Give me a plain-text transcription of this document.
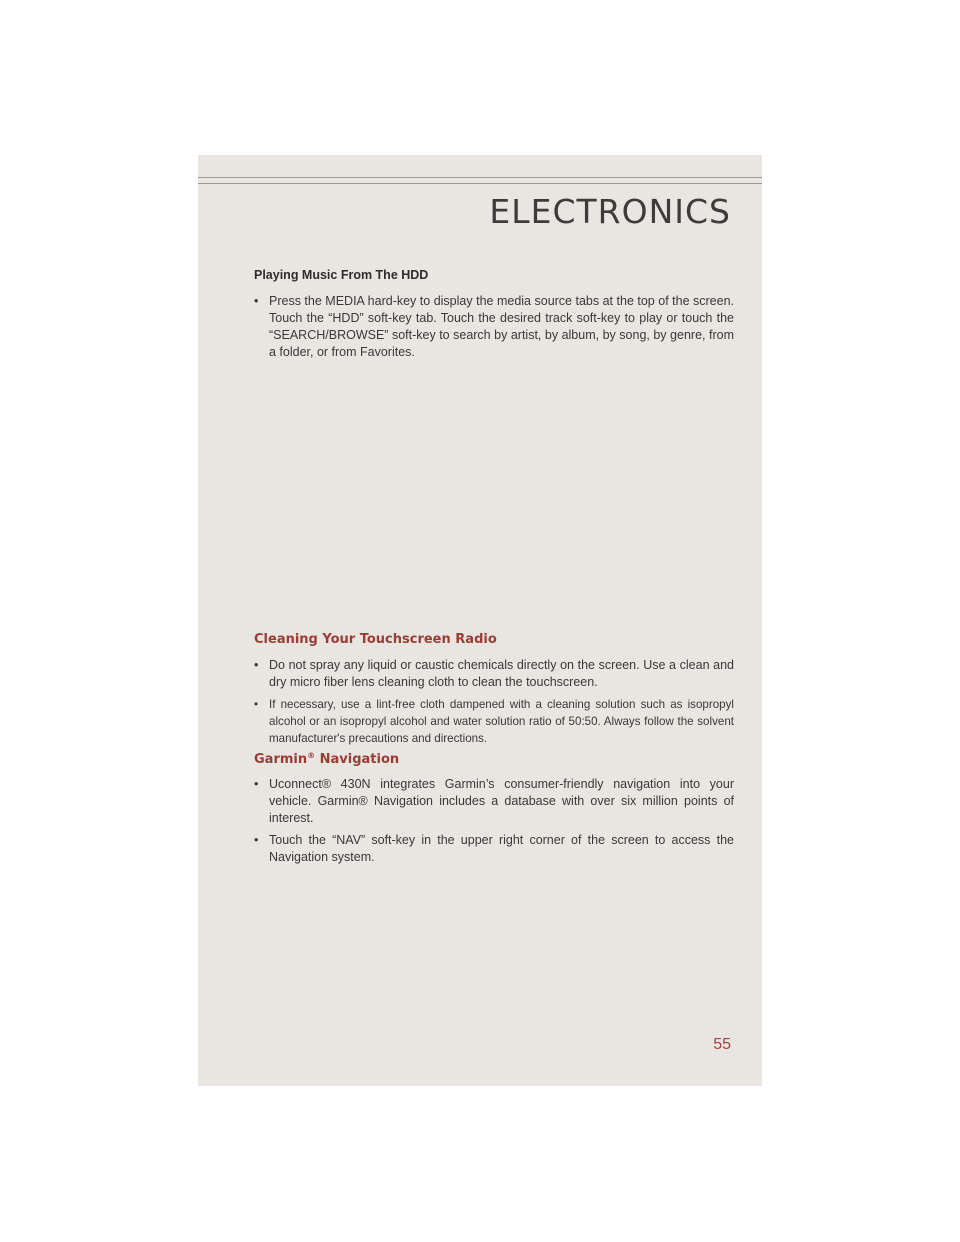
ELECTRONICS
Playing Music From The HDD
• Press the MEDIA hard-key to display the media source tabs at the top of the screen. Touch the “HDD” soft-key tab. Touch the desired track soft-key to play or touch the “SEARCH/BROWSE” soft-key to search by artist, by album, by song, by genre, from a folder, or from Favorites.
Cleaning Your Touchscreen Radio
• Do not spray any liquid or caustic chemicals directly on the screen. Use a clean and dry micro fiber lens cleaning cloth to clean the touchscreen.
• If necessary, use a lint-free cloth dampened with a cleaning solution such as isopropyl alcohol or an isopropyl alcohol and water solution ratio of 50:50. Always follow the solvent manufacturer's precautions and directions.
Garmin® Navigation
• Uconnect® 430N integrates Garmin’s consumer-friendly navigation into your vehicle. Garmin® Navigation includes a database with over six million points of interest.
• Touch the “NAV” soft-key in the upper right corner of the screen to access the Navigation system.
55
